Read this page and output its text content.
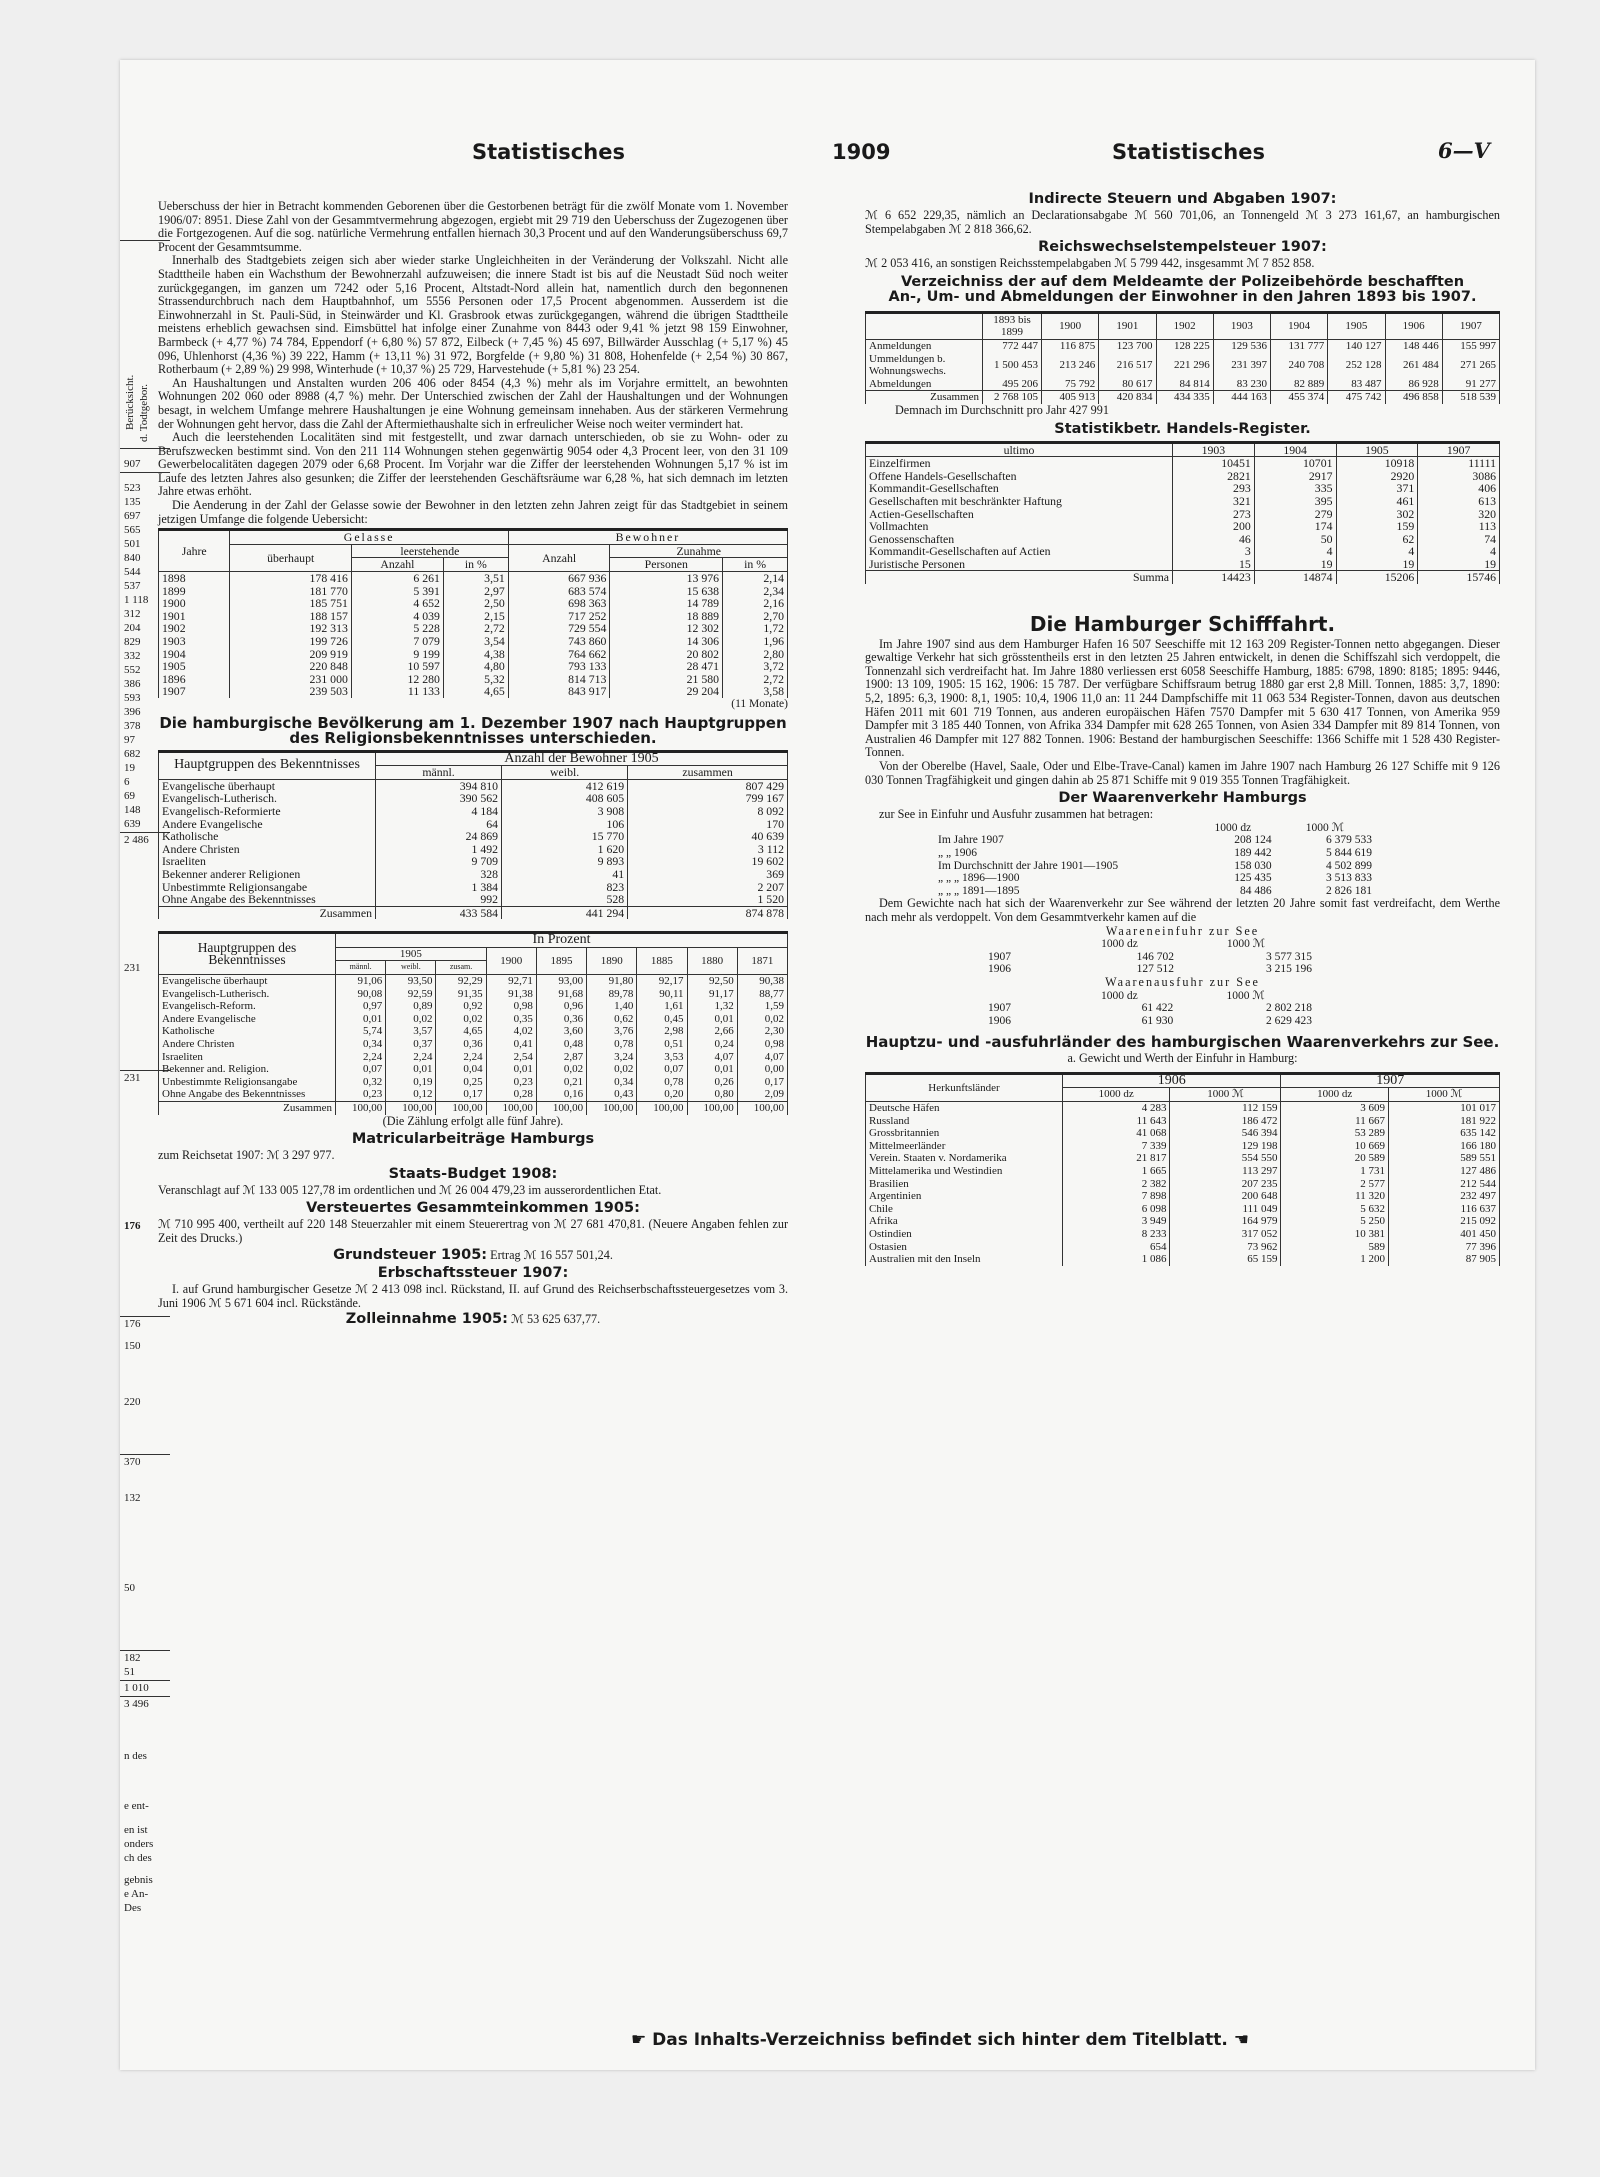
Berücksicht. d. Todtgebor.
907
523
135
697
565
501
840
544
537
1 118
312
204
829
332
552
386
593
396
378
97
682
19
6
69
148
639
2 486
231
231
176
176
150
220
370
132
50
182
51
1 010
3 496
n des
e ent-
en ist
onders
ch des
gebnis
e An-
Des
Statistisches	1909	Statistisches	6—V

Ueberschuss der hier in Betracht kommenden Geborenen über die Gestorbenen beträgt für die zwölf Monate vom 1. November 1906/07: 8951. Diese Zahl von der Gesammtvermehrung abgezogen, ergiebt mit 29 719 den Ueberschuss der Zugezogenen über die Fortgezogenen. Auf die sog. natürliche Vermehrung entfallen hiernach 30,3 Procent und auf den Wanderungsüberschuss 69,7 Procent der Gesammtsumme.

Innerhalb des Stadtgebiets zeigen sich aber wieder starke Ungleichheiten in der Veränderung der Volkszahl. Nicht alle Stadttheile haben ein Wachsthum der Bewohnerzahl aufzuweisen; die innere Stadt ist bis auf die Neustadt Süd noch weiter zurückgegangen, im ganzen um 7242 oder 5,16 Procent, Altstadt-Nord allein hat, namentlich durch den begonnenen Strassendurchbruch nach dem Hauptbahnhof, um 5556 Personen oder 17,5 Procent abgenommen. Ausserdem ist die Einwohnerzahl in St. Pauli-Süd, in Steinwärder und Kl. Grasbrook etwas zurückgegangen, während die übrigen Stadttheile meistens erheblich gewachsen sind. Eimsbüttel hat infolge einer Zunahme von 8443 oder 9,41 % jetzt 98 159 Einwohner, Barmbeck (+ 4,77 %) 74 784, Eppendorf (+ 6,80 %) 57 872, Eilbeck (+ 7,45 %) 45 697, Billwärder Ausschlag (+ 5,17 %) 45 096, Uhlenhorst (4,36 %) 39 222, Hamm (+ 13,11 %) 31 972, Borgfelde (+ 9,80 %) 31 808, Hohenfelde (+ 2,54 %) 30 867, Rotherbaum (+ 2,89 %) 29 998, Winterhude (+ 10,37 %) 25 729, Harvestehude (+ 5,81 %) 23 254.

An Haushaltungen und Anstalten wurden 206 406 oder 8454 (4,3 %) mehr als im Vorjahre ermittelt, an bewohnten Wohnungen 202 060 oder 8988 (4,7 %) mehr. Der Unterschied zwischen der Zahl der Haushaltungen und der Wohnungen besagt, in welchem Umfange mehrere Haushaltungen je eine Wohnung gemeinsam innehaben. Aus der stärkeren Vermehrung der Wohnungen geht hervor, dass die Zahl der Aftermiethaushalte sich in erfreulicher Weise noch weiter vermindert hat.

Auch die leerstehenden Localitäten sind mit festgestellt, und zwar darnach unterschieden, ob sie zu Wohn- oder zu Berufszwecken bestimmt sind. Von den 211 114 Wohnungen stehen gegenwärtig 9054 oder 4,3 Procent leer, von den 31 109 Gewerbelocalitäten dagegen 2079 oder 6,68 Procent. Im Vorjahr war die Ziffer der leerstehenden Wohnungen 5,17 % ist im Laufe des letzten Jahres also gesunken; die Ziffer der leerstehenden Geschäftsräume war 6,28 %, hat sich demnach im letzten Jahre etwas erhöht.

Die Aenderung in der Zahl der Gelasse sowie der Bewohner in den letzten zehn Jahren zeigt für das Stadtgebiet in seinem jetzigen Umfange die folgende Uebersicht:

Jahre	Gelasse			Bewohner		
	überhaupt	leerstehende		Anzahl	Zunahme	
		Anzahl	in %		Personen	in %
1898	178 416	6 261	3,51	667 936	13 976	2,14
1899	181 770	5 391	2,97	683 574	15 638	2,34
1900	185 751	4 652	2,50	698 363	14 789	2,16
1901	188 157	4 039	2,15	717 252	18 889	2,70
1902	192 313	5 228	2,72	729 554	12 302	1,72
1903	199 726	7 079	3,54	743 860	14 306	1,96
1904	209 919	9 199	4,38	764 662	20 802	2,80
1905	220 848	10 597	4,80	793 133	28 471	3,72
1896	231 000	12 280	5,32	814 713	21 580	2,72
1907	239 503	11 133	4,65	843 917	29 204	3,58
(11 Monate)
Die hamburgische Bevölkerung am 1. Dezember 1907 nach Hauptgruppen des Religionsbekenntnisses unterschieden.
Hauptgruppen des Bekenntnisses	Anzahl der Bewohner 1905		
	männl.	weibl.	zusammen
Evangelische überhaupt	394 810	412 619	807 429
Evangelisch-Lutherisch.	390 562	408 605	799 167
Evangelisch-Reformierte	4 184	3 908	8 092
Andere Evangelische	64	106	170
Katholische	24 869	15 770	40 639
Andere Christen	1 492	1 620	3 112
Israeliten	9 709	9 893	19 602
Bekenner anderer Religionen	328	41	369
Unbestimmte Religionsangabe	1 384	823	2 207
Ohne Angabe des Bekenntnisses	992	528	1 520
Zusammen	433 584	441 294	874 878
Hauptgruppen des Bekenntnisses	In Prozent								
	1905			1900	1895	1890	1885	1880	1871
	männl.	weibl.	zusam.						
Evangelische überhaupt	91,06	93,50	92,29	92,71	93,00	91,80	92,17	92,50	90,38
Evangelisch-Lutherisch.	90,08	92,59	91,35	91,38	91,68	89,78	90,11	91,17	88,77
Evangelisch-Reform.	0,97	0,89	0,92	0,98	0,96	1,40	1,61	1,32	1,59
Andere Evangelische	0,01	0,02	0,02	0,35	0,36	0,62	0,45	0,01	0,02
Katholische	5,74	3,57	4,65	4,02	3,60	3,76	2,98	2,66	2,30
Andere Christen	0,34	0,37	0,36	0,41	0,48	0,78	0,51	0,24	0,98
Israeliten	2,24	2,24	2,24	2,54	2,87	3,24	3,53	4,07	4,07
Bekenner and. Religion.	0,07	0,01	0,04	0,01	0,02	0,02	0,07	0,01	0,00
Unbestimmte Religionsangabe	0,32	0,19	0,25	0,23	0,21	0,34	0,78	0,26	0,17
Ohne Angabe des Bekenntnisses	0,23	0,12	0,17	0,28	0,16	0,43	0,20	0,80	2,09
Zusammen	100,00	100,00	100,00	100,00	100,00	100,00	100,00	100,00	100,00
(Die Zählung erfolgt alle fünf Jahre).
Matricularbeiträge Hamburgs

zum Reichsetat 1907: ℳ 3 297 977.

Staats-Budget 1908:

Veranschlagt auf ℳ 133 005 127,78 im ordentlichen und ℳ 26 004 479,23 im ausserordentlichen Etat.

Versteuertes Gesammteinkommen 1905:

ℳ 710 995 400, vertheilt auf 220 148 Steuerzahler mit einem Steuerertrag von ℳ 27 681 470,81. (Neuere Angaben fehlen zur Zeit des Drucks.)

Grundsteuer 1905: Ertrag ℳ 16 557 501,24.
Erbschaftssteuer 1907:

I. auf Grund hamburgischer Gesetze ℳ 2 413 098 incl. Rückstand, II. auf Grund des Reichserbschaftssteuergesetzes vom 3. Juni 1906 ℳ 5 671 604 incl. Rückstände.

Zolleinnahme 1905: ℳ 53 625 637,77.
Indirecte Steuern und Abgaben 1907:

ℳ 6 652 229,35, nämlich an Declarationsabgabe ℳ 560 701,06, an Tonnengeld ℳ 3 273 161,67, an hamburgischen Stempelabgaben ℳ 2 818 366,62.

Reichswechselstempelsteuer 1907:

ℳ 2 053 416, an sonstigen Reichsstempelabgaben ℳ 5 799 442, insgesammt ℳ 7 852 858.

Verzeichniss der auf dem Meldeamte der Polizeibehörde beschafften An-, Um- und Abmeldungen der Einwohner in den Jahren 1893 bis 1907.
	1893 bis 1899	1900	1901	1902	1903	1904	1905	1906	1907
Anmeldungen	772 447	116 875	123 700	128 225	129 536	131 777	140 127	148 446	155 997
Ummeldungen b. Wohnungswechs.	1 500 453	213 246	216 517	221 296	231 397	240 708	252 128	261 484	271 265
Abmeldungen	495 206	75 792	80 617	84 814	83 230	82 889	83 487	86 928	91 277
Zusammen	2 768 105	405 913	420 834	434 335	444 163	455 374	475 742	496 858	518 539
Demnach im Durchschnitt pro Jahr 427 991
Statistikbetr. Handels-Register.
ultimo	1903	1904	1905	1907
Einzelfirmen	10451	10701	10918	11111
Offene Handels-Gesellschaften	2821	2917	2920	3086
Kommandit-Gesellschaften	293	335	371	406
Gesellschaften mit beschränkter Haftung	321	395	461	613
Actien-Gesellschaften	273	279	302	320
Vollmachten	200	174	159	113
Genossenschaften	46	50	62	74
Kommandit-Gesellschaften auf Actien	3	4	4	4
Juristische Personen	15	19	19	19
Summa	14423	14874	15206	15746
Die Hamburger Schifffahrt.

Im Jahre 1907 sind aus dem Hamburger Hafen 16 507 Seeschiffe mit 12 163 209 Register-Tonnen netto abgegangen. Dieser gewaltige Verkehr hat sich grösstentheils erst in den letzten 25 Jahren entwickelt, in denen die Schiffszahl sich verdoppelt, die Tonnenzahl sich verdreifacht hat. Im Jahre 1880 verliessen erst 6058 Seeschiffe Hamburg, 1885: 6798, 1890: 8185; 1895: 9446, 1900: 13 109, 1905: 15 162, 1906: 15 787. Der verfügbare Schiffsraum betrug 1880 gar erst 2,8 Mill. Tonnen, 1885: 3,7, 1890: 5,2, 1895: 6,3, 1900: 8,1, 1905: 10,4, 1906 11,0 an: 11 244 Dampfschiffe mit 11 063 534 Register-Tonnen, davon aus deutschen Häfen 2011 mit 601 719 Tonnen, aus anderen europäischen Häfen 7570 Dampfer mit 5 630 417 Tonnen, von Amerika 959 Dampfer mit 3 185 440 Tonnen, von Afrika 334 Dampfer mit 628 265 Tonnen, von Asien 334 Dampfer mit 89 814 Tonnen, von Australien 46 Dampfer mit 127 882 Tonnen. 1906: Bestand der hamburgischen Seeschiffe: 1366 Schiffe mit 1 528 430 Register-Tonnen.

Von der Oberelbe (Havel, Saale, Oder und Elbe-Trave-Canal) kamen im Jahre 1907 nach Hamburg 26 127 Schiffe mit 9 126 030 Tonnen Tragfähigkeit und gingen dahin ab 25 871 Schiffe mit 9 019 355 Tonnen Tragfähigkeit.

Der Waarenverkehr Hamburgs

zur See in Einfuhr und Ausfuhr zusammen hat betragen:

	1000 dz	1000 ℳ
Im Jahre 1907	208 124	6 379 533
„ „ 1906	189 442	5 844 619
Im Durchschnitt der Jahre 1901—1905	158 030	4 502 899
„ „ „ 1896—1900	125 435	3 513 833
„ „ „ 1891—1895	84 486	2 826 181

Dem Gewichte nach hat sich der Waarenverkehr zur See während der letzten 20 Jahre somit fast verdreifacht, dem Werthe nach mehr als verdoppelt. Von dem Gesammtverkehr kamen auf die

Waareneinfuhr zur See
	1000 dz	1000 ℳ
1907	146 702	3 577 315
1906	127 512	3 215 196
Waarenausfuhr zur See
	1000 dz	1000 ℳ
1907	61 422	2 802 218
1906	61 930	2 629 423
Hauptzu- und -ausfuhrländer des hamburgischen Waarenverkehrs zur See.
a. Gewicht und Werth der Einfuhr in Hamburg:
Herkunftsländer	1906		1907	
	1000 dz	1000 ℳ	1000 dz	1000 ℳ
Deutsche Häfen	4 283	112 159	3 609	101 017
Russland	11 643	186 472	11 667	181 922
Grossbritannien	41 068	546 394	53 289	635 142
Mittelmeerländer	7 339	129 198	10 669	166 180
Verein. Staaten v. Nordamerika	21 817	554 550	20 589	589 551
Mittelamerika und Westindien	1 665	113 297	1 731	127 486
Brasilien	2 382	207 235	2 577	212 544
Argentinien	7 898	200 648	11 320	232 497
Chile	6 098	111 049	5 632	116 637
Afrika	3 949	164 979	5 250	215 092
Ostindien	8 233	317 052	10 381	401 450
Ostasien	654	73 962	589	77 396
Australien mit den Inseln	1 086	65 159	1 200	87 905
☛ Das Inhalts-Verzeichniss befindet sich hinter dem Titelblatt. ☚
